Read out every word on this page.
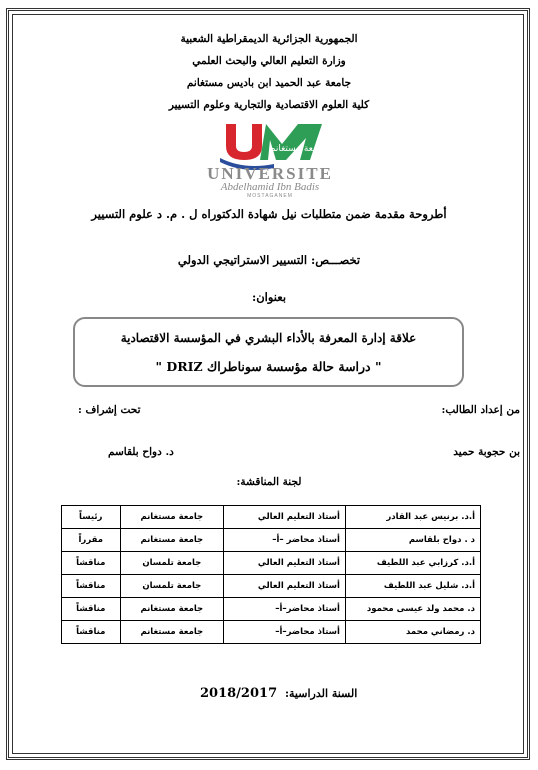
الجمهورية الجزائرية الديمقراطية الشعبية
وزارة التعليم العالي والبحث العلمي
جامعة عبد الحميد ابن باديس مستغانم
كلية العلوم الاقتصادية والتجارية وعلوم التسيير
جامعة مستغانم
UNIVERSITE
Abdelhamid Ibn Badis
MOSTAGANEM
أطروحة مقدمة ضمن متطلبات نيل شهادة الدكتوراه ل . م. د علوم التسيير
تخصـــص: التسيير الاستراتيجي الدولي
بعنوان:
علاقة إدارة المعرفة بالأداء البشري في المؤسسة الاقتصادية
" دراسة حالة مؤسسة سوناطراك DRIZ "
من إعداد الطالب:
تحت إشراف :
بن حجوبة حميد
د. دواح بلقاسم
لجنة المناقشة:
أ.د. برنيس عبد القادر	أستاذ التعليم العالي	جامعة مستغانم	رئيساً
د . دواح بلقاسم	أستاذ محاضر –أ–	جامعة مستغانم	مقرراً
أ.د. كرزابي عبد اللطيف	أستاذ التعليم العالي	جامعة تلمسان	مناقشاً
أ.د. شليل عبد اللطيف	أستاذ التعليم العالي	جامعة تلمسان	مناقشاً
د. محمد ولد عيسى محمود	أستاذ محاضر–أ–	جامعة مستغانم	مناقشاً
د. رمضاني محمد	أستاذ محاضر–أ–	جامعة مستغانم	مناقشاً
2018/2017 السنة الدراسية:
